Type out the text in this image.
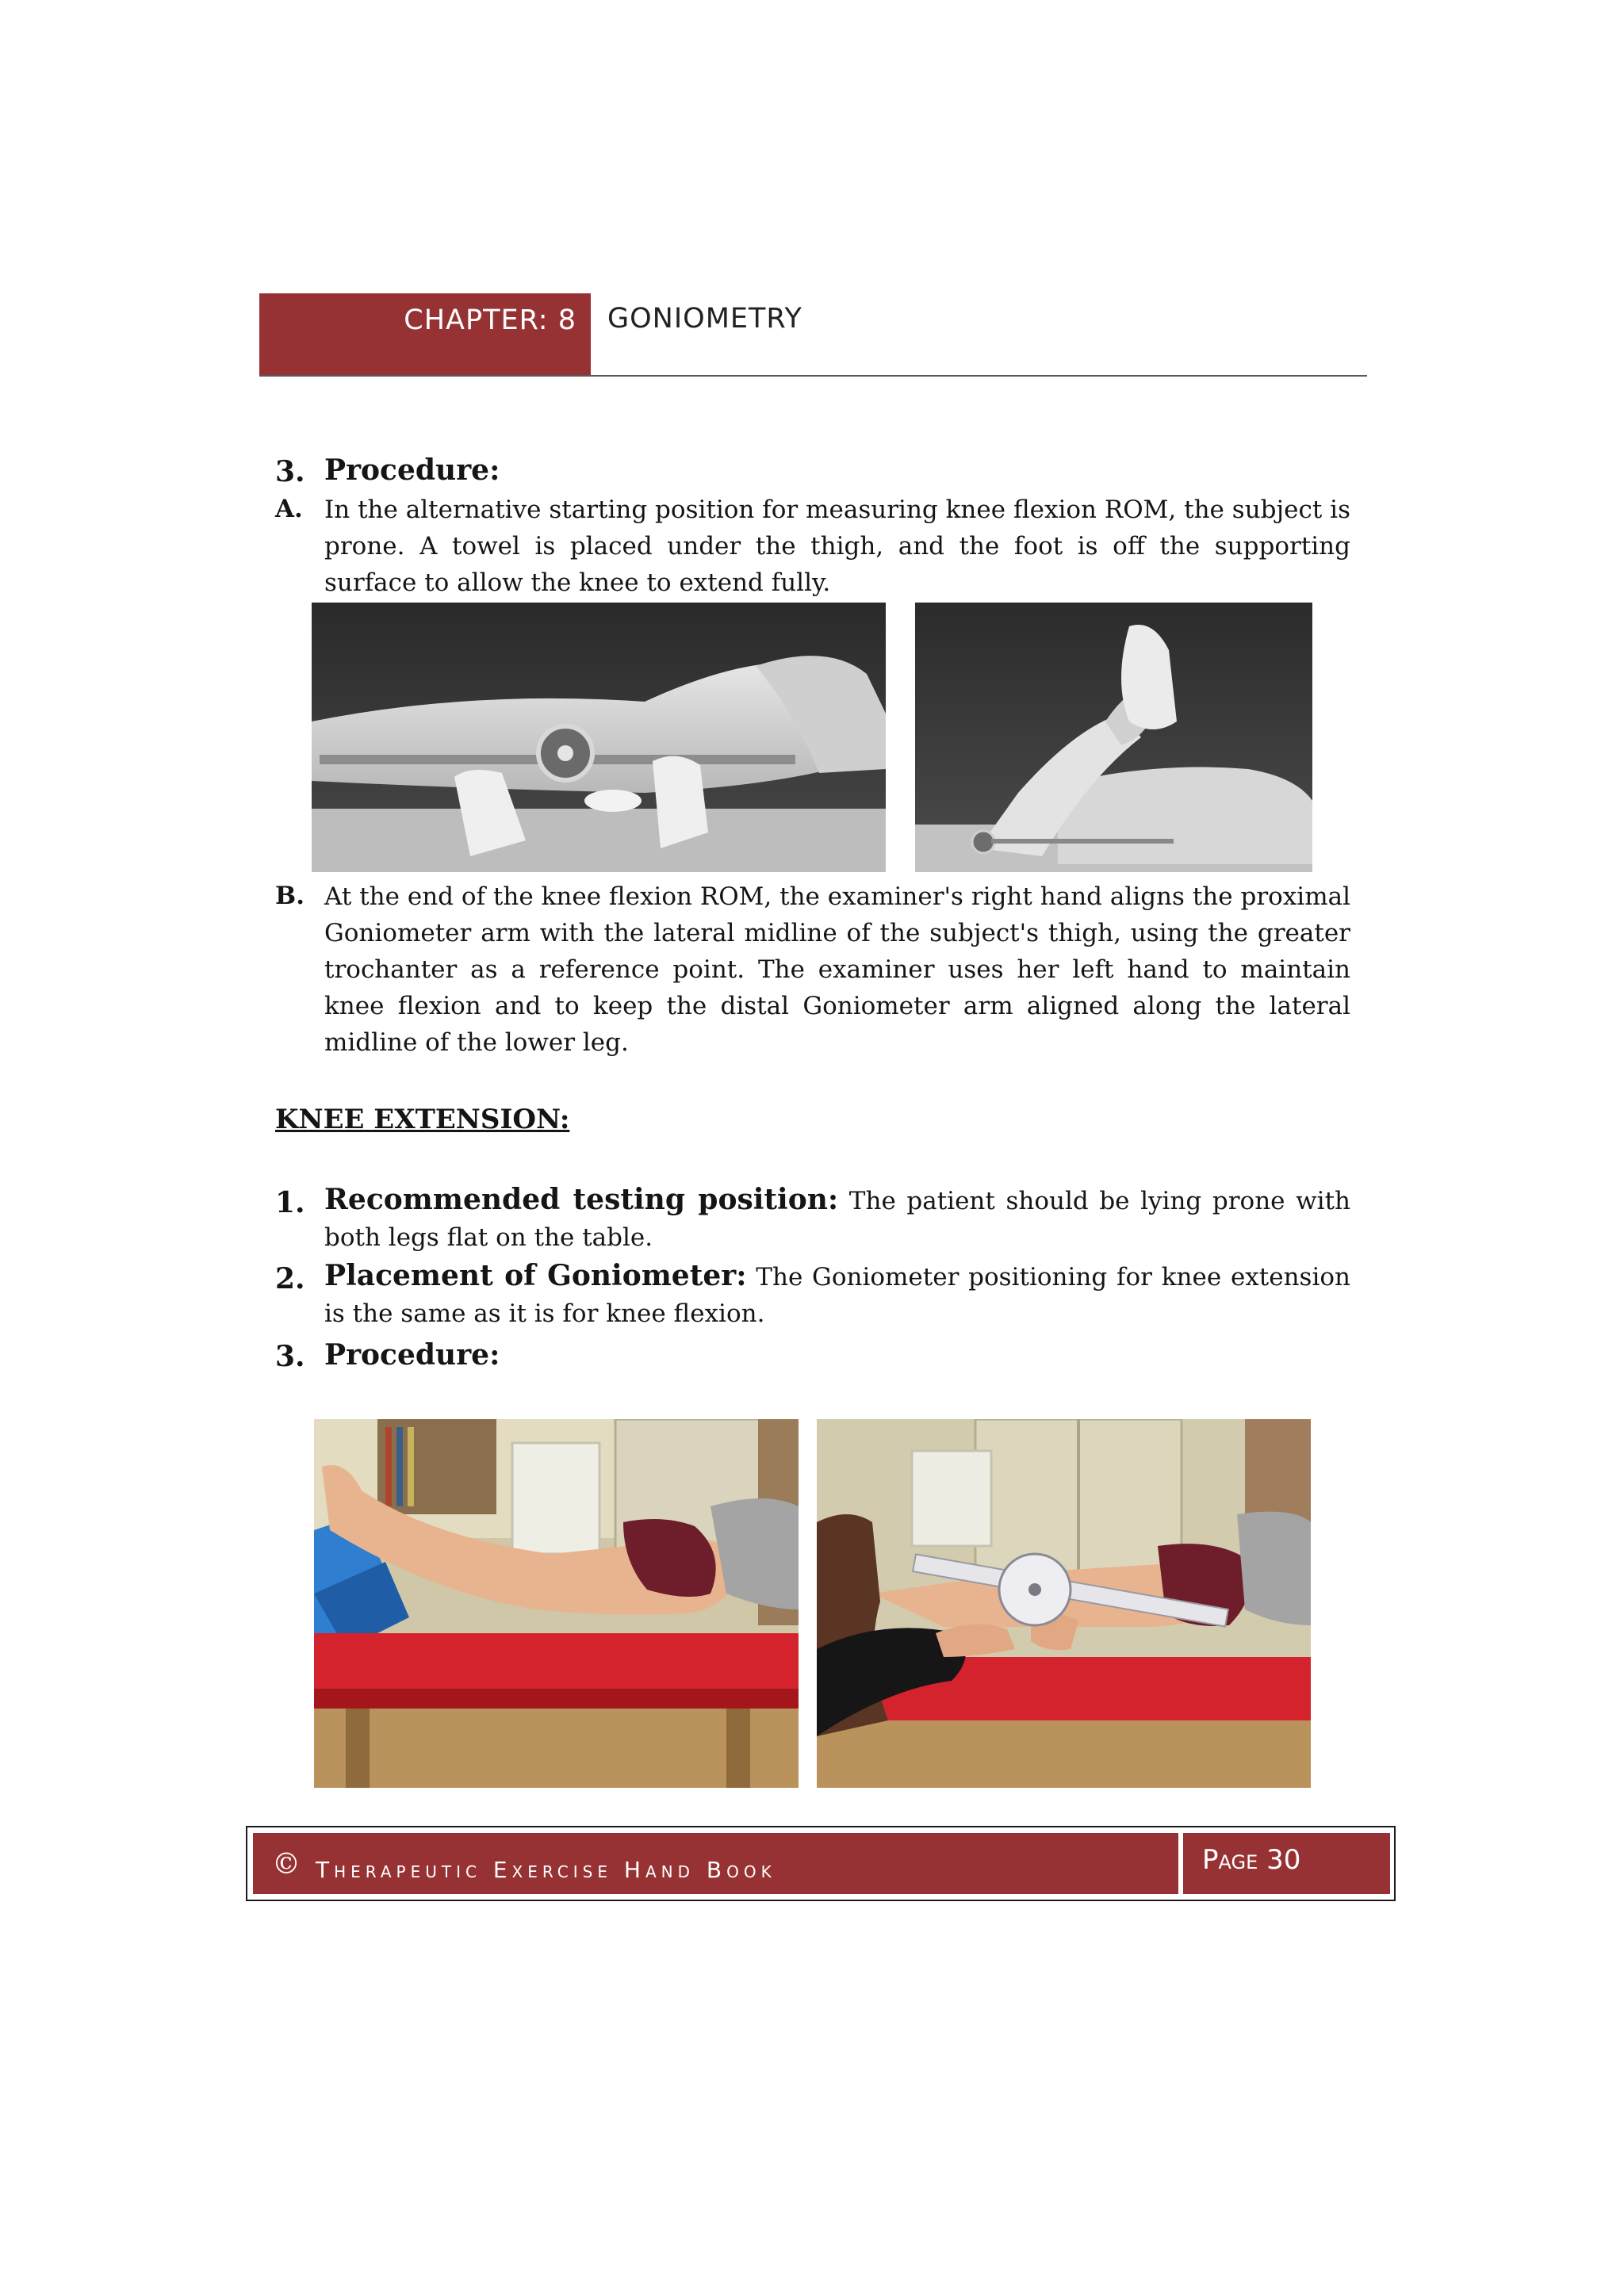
CHAPTER: 8	GONIOMETRY
3. Procedure:
A. In the alternative starting position for measuring knee flexion ROM, the subject is prone. A towel is placed under the thigh, and the foot is off the supporting surface to allow the knee to extend fully.
B. At the end of the knee flexion ROM, the examiner's right hand aligns the proximal Goniometer arm with the lateral midline of the subject's thigh, using the greater trochanter as a reference point. The examiner uses her left hand to maintain knee flexion and to keep the distal Goniometer arm aligned along the lateral midline of the lower leg.
KNEE EXTENSION:
1. Recommended testing position: The patient should be lying prone with both legs flat on the table.
2. Placement of Goniometer: The Goniometer positioning for knee extension is the same as it is for knee flexion.
3. Procedure:
© Therapeutic Exercise Hand Book	Page 30
